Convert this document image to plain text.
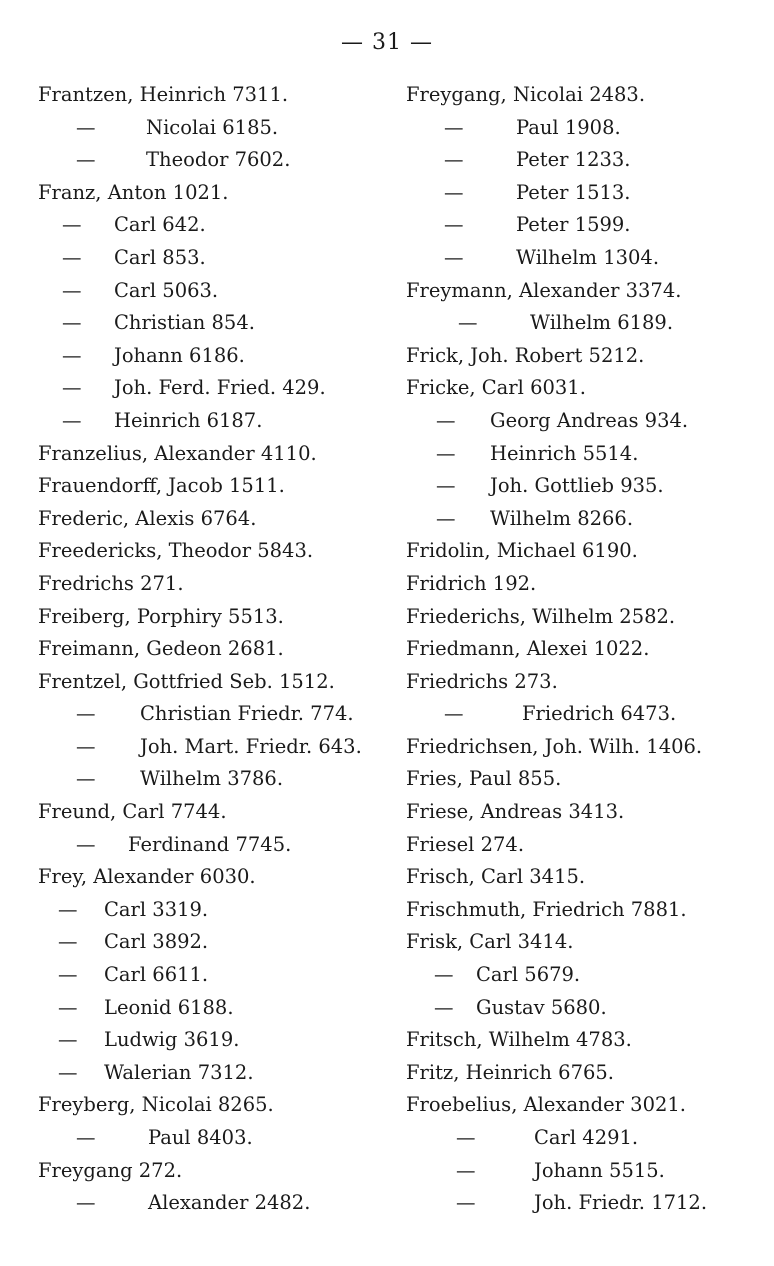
— 31 —
Frantzen, Heinrich 7311.
—	Nicolai 6185.
—	Theodor 7602.
Franz, Anton 1021.
— Carl 642.
— Carl 853.
— Carl 5063.
— Christian 854.
— Johann 6186.
— Joh. Ferd. Fried. 429.
— Heinrich 6187.
Franzelius, Alexander 4110.
Frauendorff, Jacob 1511.
Frederic, Alexis 6764.
Freedericks, Theodor 5843.
Fredrichs 271.
Freiberg, Porphiry 5513.
Freimann, Gedeon 2681.
Frentzel, Gottfried Seb. 1512.
— Christian Friedr. 774.
— Joh. Mart. Friedr. 643.
— Wilhelm 3786.
Freund, Carl 7744.
— Ferdinand 7745.
Frey, Alexander 6030.
— Carl 3319.
— Carl 3892.
— Carl 6611.
— Leonid 6188.
— Ludwig 3619.
— Walerian 7312.
Freyberg, Nicolai 8265.
—	Paul 8403.
Freygang 272.
—	Alexander 2482.
Freygang, Nicolai 2483.
—	Paul 1908.
—	Peter 1233.
—	Peter 1513.
—	Peter 1599.
—	Wilhelm 1304.
Freymann, Alexander 3374.
—	Wilhelm 6189.
Frick, Joh. Robert 5212.
Fricke, Carl 6031.
— Georg Andreas 934.
— Heinrich 5514.
— Joh. Gottlieb 935.
— Wilhelm 8266.
Fridolin, Michael 6190.
Fridrich 192.
Friederichs, Wilhelm 2582.
Friedmann, Alexei 1022.
Friedrichs 273.
—	Friedrich 6473.
Friedrichsen, Joh. Wilh. 1406.
Fries, Paul 855.
Friese, Andreas 3413.
Friesel 274.
Frisch, Carl 3415.
Frischmuth, Friedrich 7881.
Frisk, Carl 3414.
— Carl 5679.
— Gustav 5680.
Fritsch, Wilhelm 4783.
Fritz, Heinrich 6765.
Froebelius, Alexander 3021.
—	Carl 4291.
—	Johann 5515.
—	Joh. Friedr. 1712.
